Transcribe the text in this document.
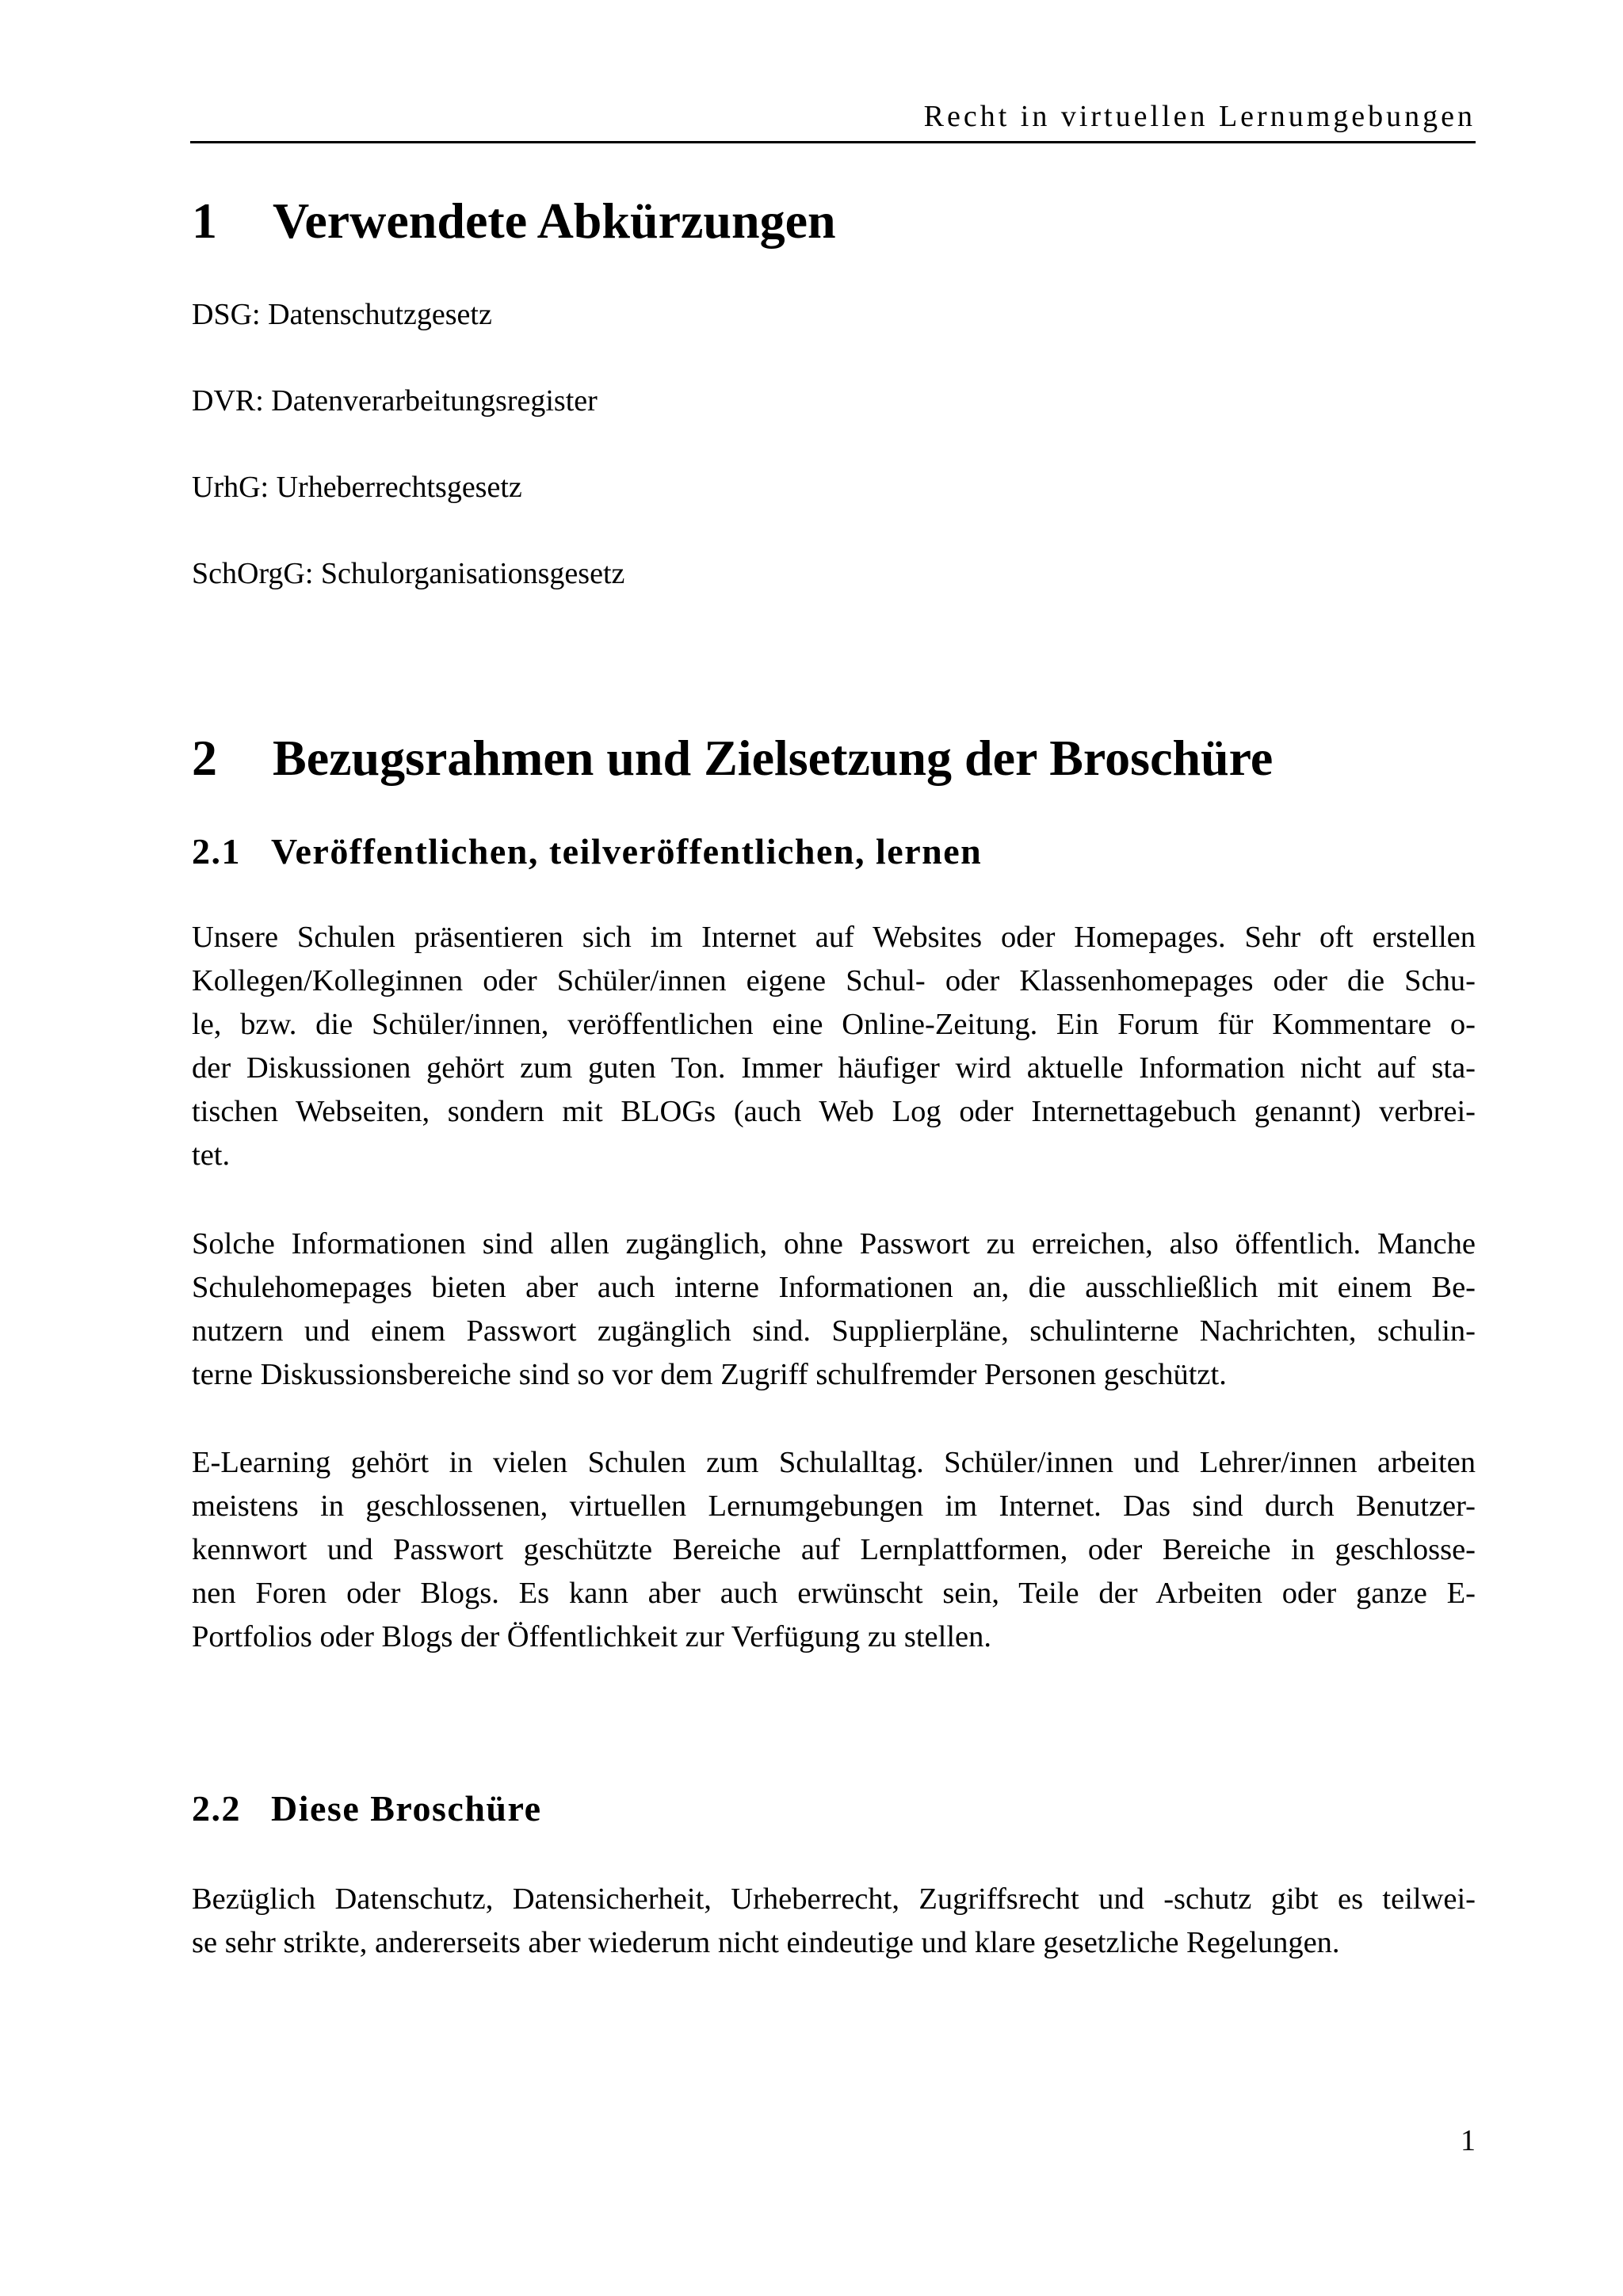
Recht in virtuellen Lernumgebungen
1 Verwendete Abkürzungen
DSG: Datenschutzgesetz
DVR: Datenverarbeitungsregister
UrhG: Urheberrechtsgesetz
SchOrgG: Schulorganisationsgesetz
2 Bezugsrahmen und Zielsetzung der Broschüre
2.1 Veröffentlichen, teilveröffentlichen, lernen
Unsere Schulen präsentieren sich im Internet auf Websites oder Homepages. Sehr oft erstellen
Kollegen/Kolleginnen oder Schüler/innen eigene Schul- oder Klassenhomepages oder die Schu-
le, bzw. die Schüler/innen, veröffentlichen eine Online-Zeitung. Ein Forum für Kommentare o-
der Diskussionen gehört zum guten Ton. Immer häufiger wird aktuelle Information nicht auf sta-
tischen Webseiten, sondern mit BLOGs (auch Web Log oder Internettagebuch genannt) verbrei-
tet.
Solche Informationen sind allen zugänglich, ohne Passwort zu erreichen, also öffentlich. Manche
Schulehomepages bieten aber auch interne Informationen an, die ausschließlich mit einem Be-
nutzern und einem Passwort zugänglich sind. Supplierpläne, schulinterne Nachrichten, schulin-
terne Diskussionsbereiche sind so vor dem Zugriff schulfremder Personen geschützt.
E-Learning gehört in vielen Schulen zum Schulalltag. Schüler/innen und Lehrer/innen arbeiten
meistens in geschlossenen, virtuellen Lernumgebungen im Internet. Das sind durch Benutzer-
kennwort und Passwort geschützte Bereiche auf Lernplattformen, oder Bereiche in geschlosse-
nen Foren oder Blogs. Es kann aber auch erwünscht sein, Teile der Arbeiten oder ganze E-
Portfolios oder Blogs der Öffentlichkeit zur Verfügung zu stellen.
2.2 Diese Broschüre
Bezüglich Datenschutz, Datensicherheit, Urheberrecht, Zugriffsrecht und -schutz gibt es teilwei-
se sehr strikte, andererseits aber wiederum nicht eindeutige und klare gesetzliche Regelungen.
1
